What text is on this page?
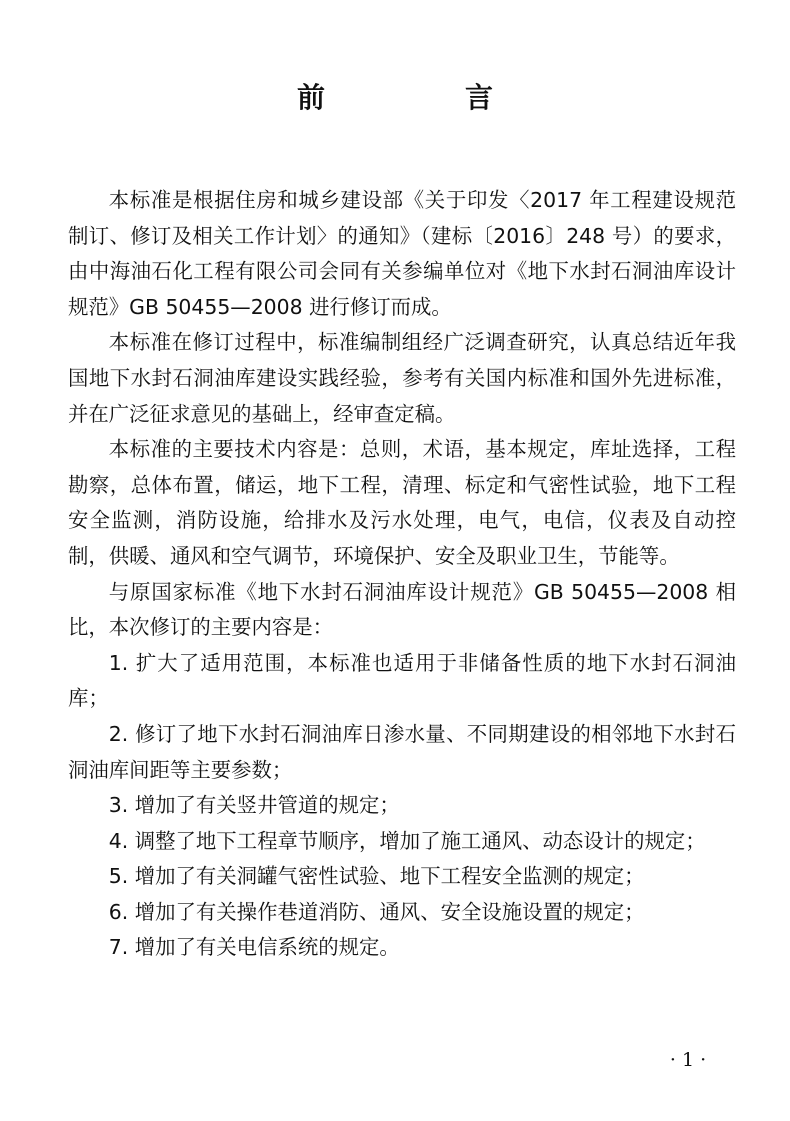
前　言

本标准是根据住房和城乡建设部《关于印发〈2017 年工程建设规范制订、修订及相关工作计划〉的通知》（建标〔2016〕248 号）的要求，由中海油石化工程有限公司会同有关参编单位对《地下水封石洞油库设计规范》GB 50455—2008 进行修订而成。

本标准在修订过程中，标准编制组经广泛调查研究，认真总结近年我国地下水封石洞油库建设实践经验，参考有关国内标准和国外先进标准，并在广泛征求意见的基础上，经审查定稿。

本标准的主要技术内容是：总则，术语，基本规定，库址选择，工程勘察，总体布置，储运，地下工程，清理、标定和气密性试验，地下工程安全监测，消防设施，给排水及污水处理，电气，电信，仪表及自动控制，供暖、通风和空气调节，环境保护、安全及职业卫生，节能等。

与原国家标准《地下水封石洞油库设计规范》GB 50455—2008 相比，本次修订的主要内容是：

1. 扩大了适用范围，本标准也适用于非储备性质的地下水封石洞油库；

2. 修订了地下水封石洞油库日渗水量、不同期建设的相邻地下水封石洞油库间距等主要参数；

3. 增加了有关竖井管道的规定；

4. 调整了地下工程章节顺序，增加了施工通风、动态设计的规定；

5. 增加了有关洞罐气密性试验、地下工程安全监测的规定；

6. 增加了有关操作巷道消防、通风、安全设施设置的规定；

7. 增加了有关电信系统的规定。

· 1 ·
